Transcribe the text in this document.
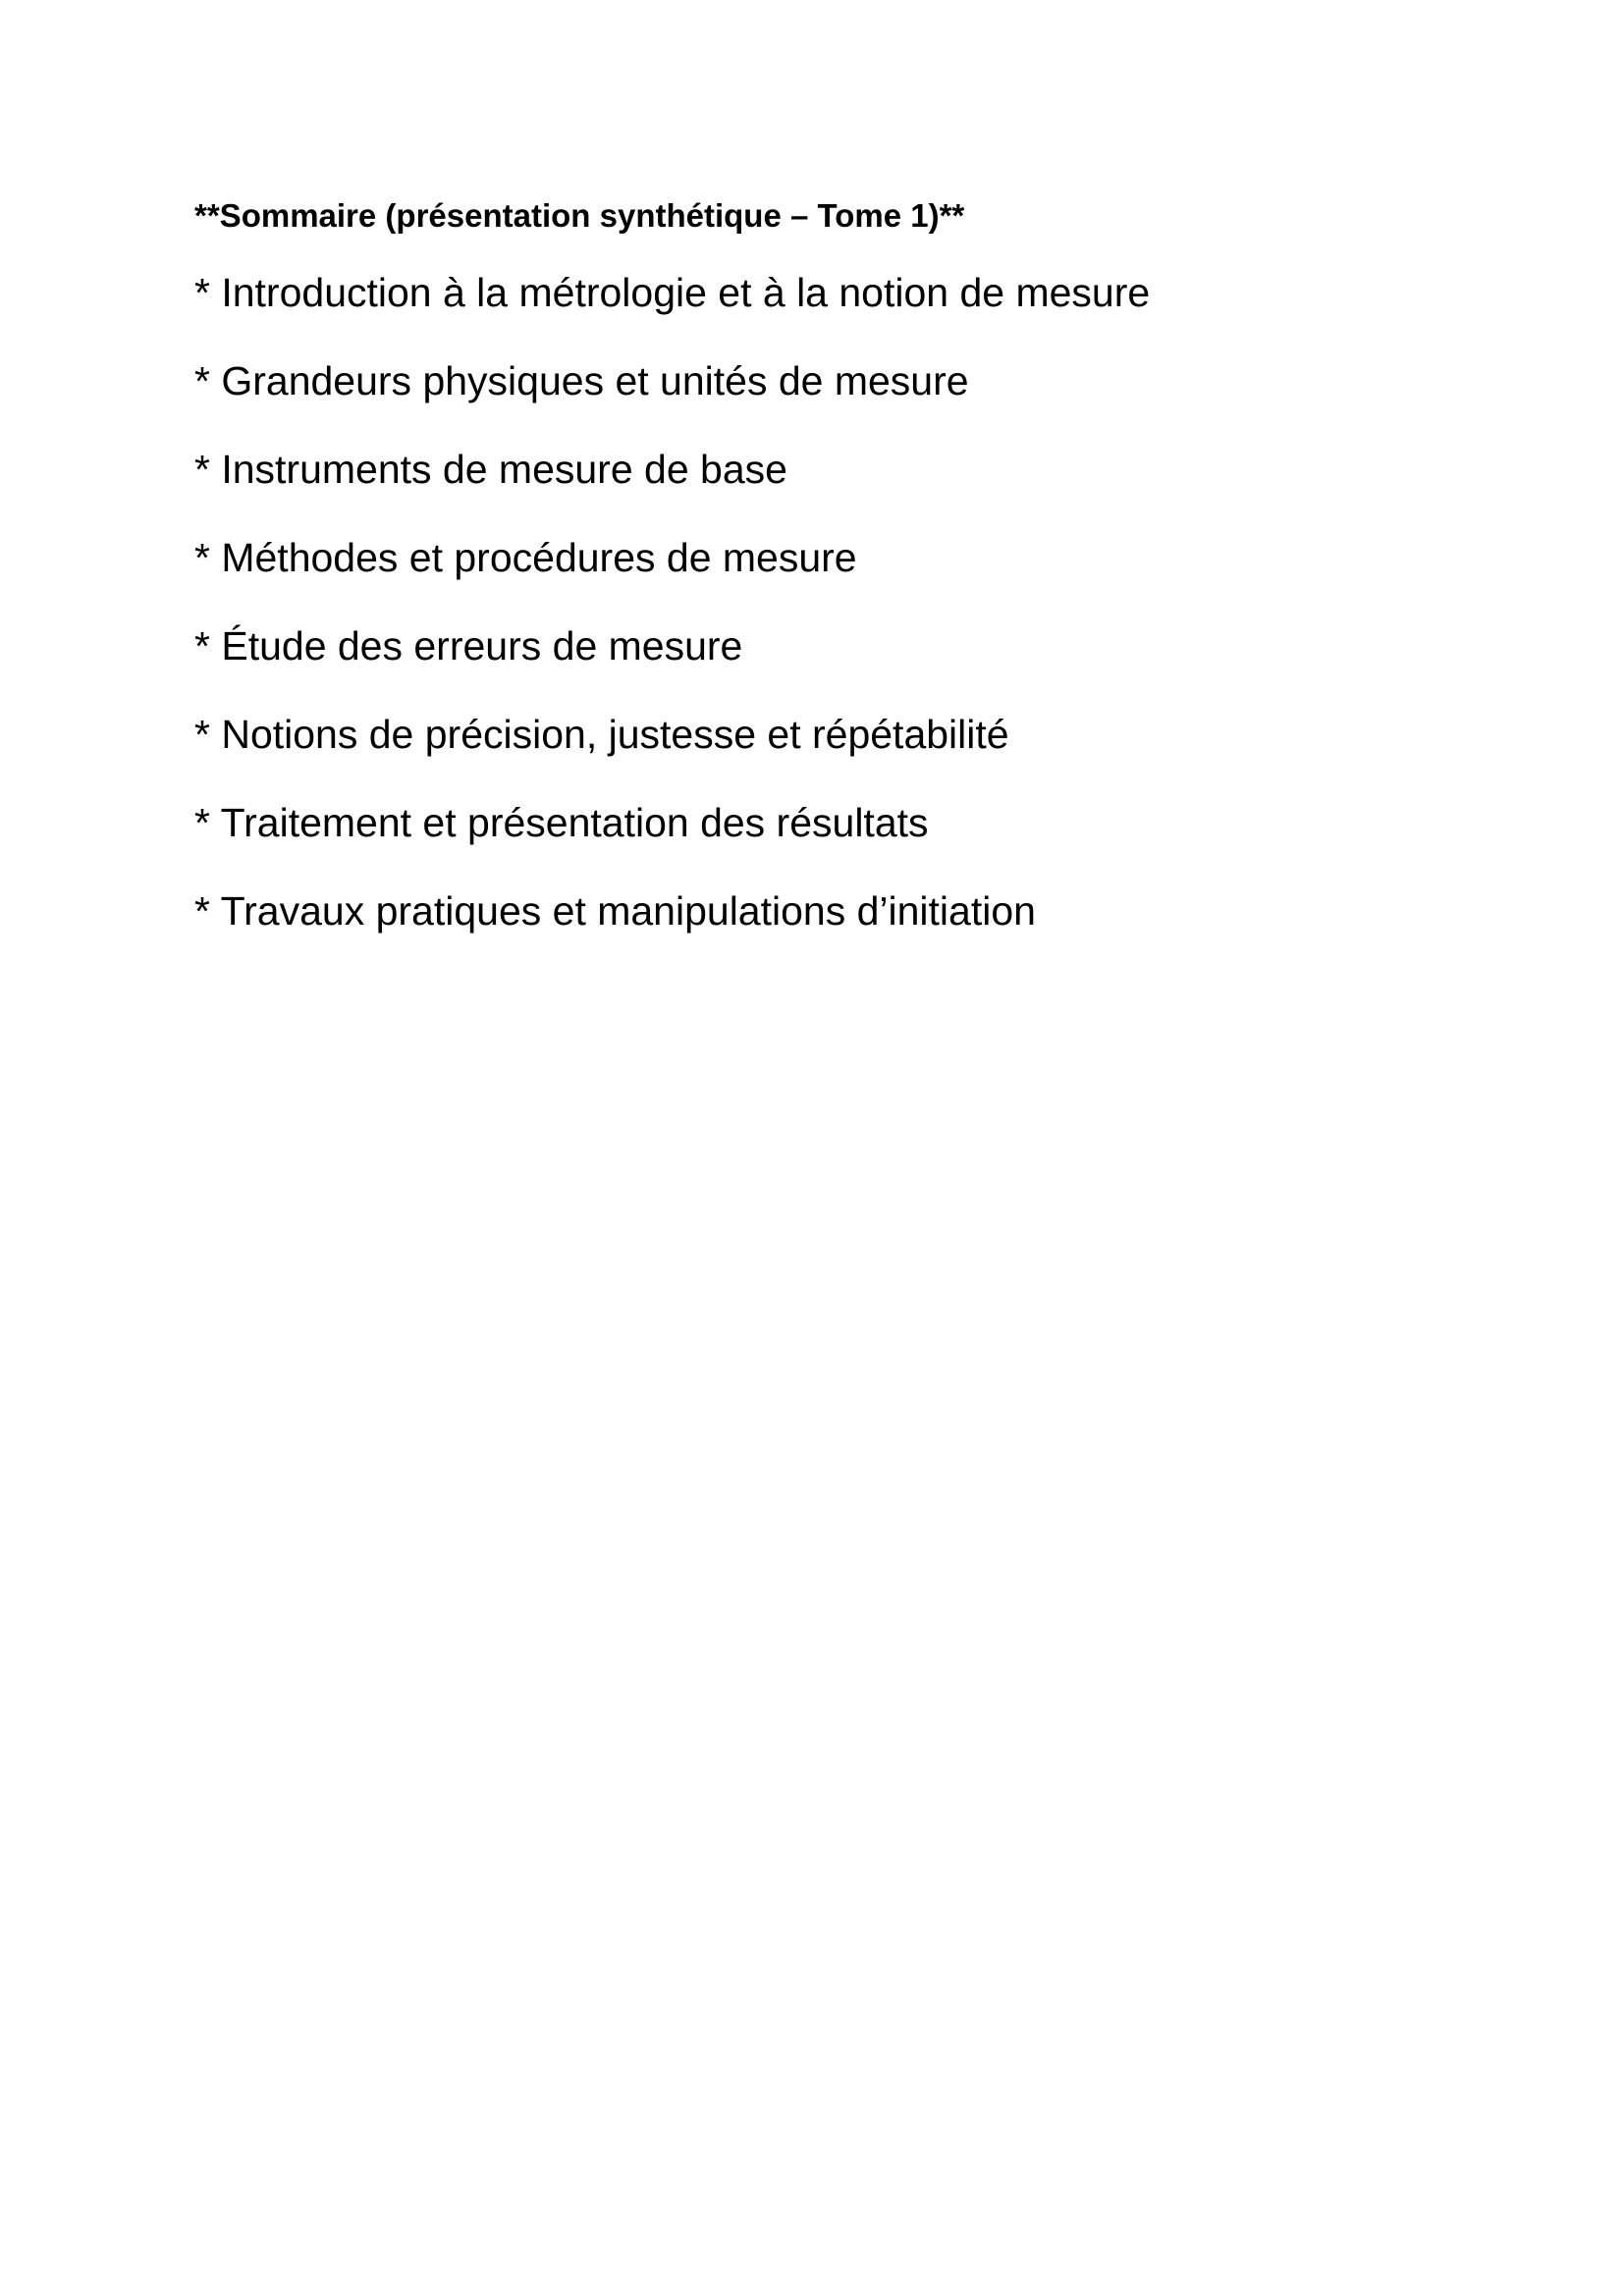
**Sommaire (présentation synthétique – Tome 1)**
* Introduction à la métrologie et à la notion de mesure
* Grandeurs physiques et unités de mesure
* Instruments de mesure de base
* Méthodes et procédures de mesure
* Étude des erreurs de mesure
* Notions de précision, justesse et répétabilité
* Traitement et présentation des résultats
* Travaux pratiques et manipulations d’initiation
